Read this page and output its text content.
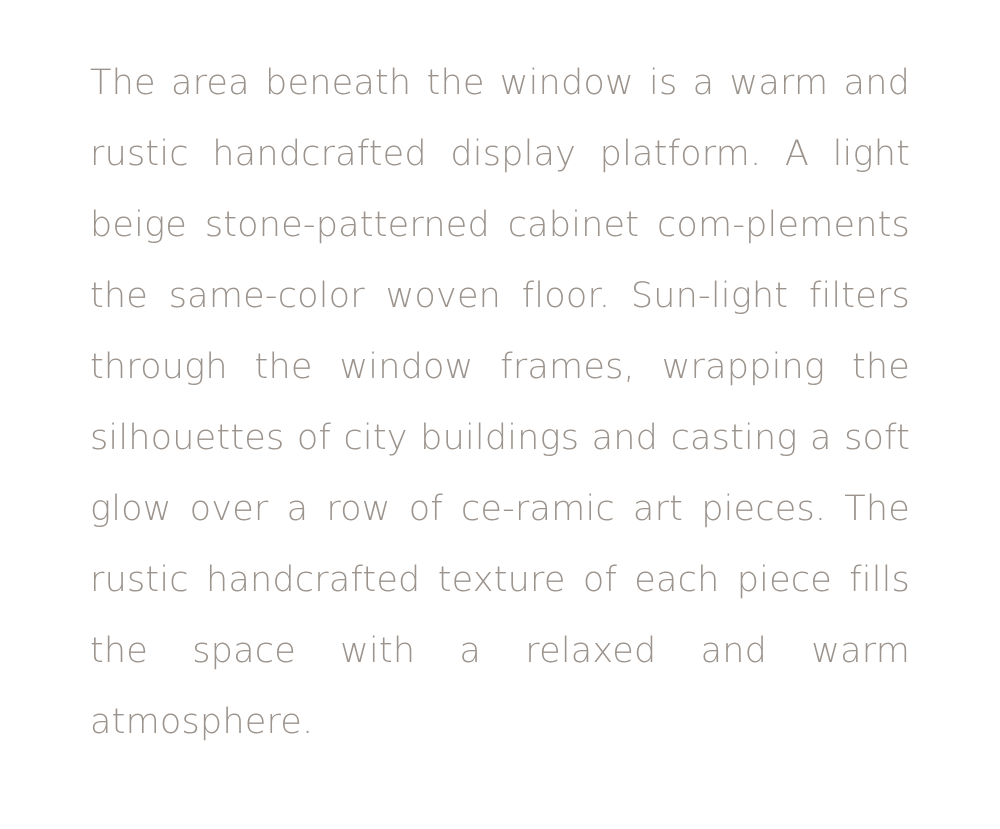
The area beneath the window is a warm and rustic handcrafted display platform. A light beige stone-patterned cabinet com-plements the same-color woven floor. Sun-light filters through the window frames, wrapping the silhouettes of city buildings and casting a soft glow over a row of ce-ramic art pieces. The rustic handcrafted texture of each piece fills the space with a relaxed and warm atmosphere.
